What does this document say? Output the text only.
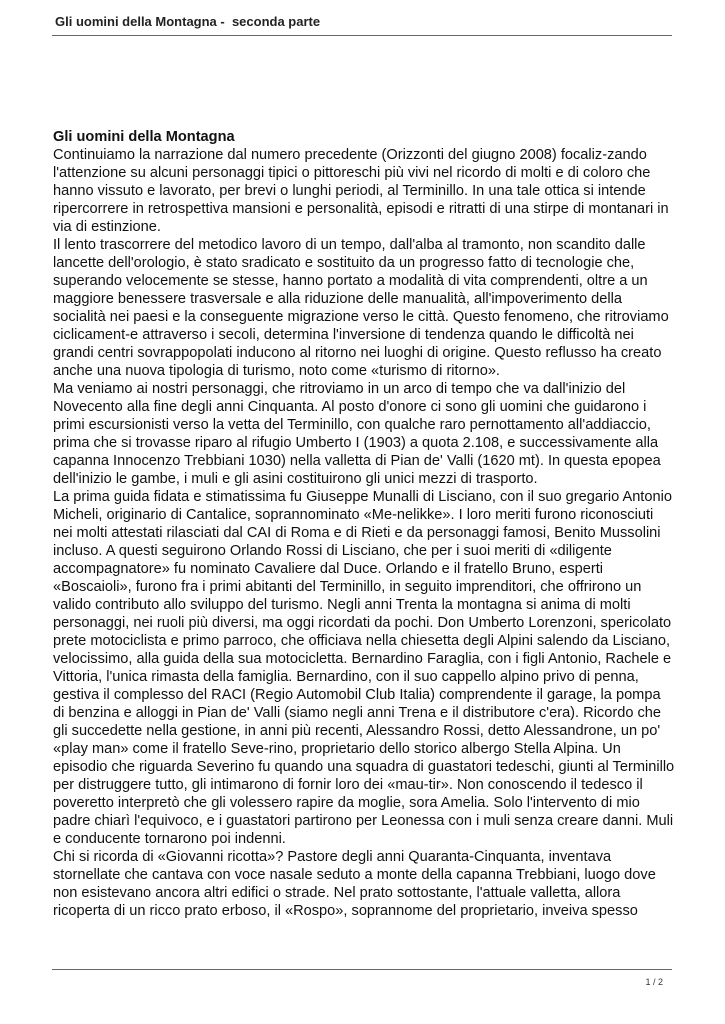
Gli uomini della Montagna -  seconda parte
Gli uomini della Montagna
Continuiamo la narrazione dal numero precedente (Orizzonti del giugno 2008) focaliz-zando l'attenzione su alcuni personaggi tipici o pittoreschi più vivi nel ricordo di molti e di coloro che hanno vissuto e lavorato, per brevi o lunghi periodi, al Terminillo. In una tale ottica si intende ripercorrere in retrospettiva mansioni e personalità, episodi e ritratti di una stirpe di montanari in via di estinzione.
Il lento trascorrere del metodico lavoro di un tempo, dall'alba al tramonto, non scandito dalle lancette dell'orologio, è stato sradicato e sostituito da un progresso fatto di tecnologie che, superando velocemente se stesse, hanno portato a modalità di vita comprendenti, oltre a un maggiore benessere trasversale e alla riduzione delle manualità, all'impoverimento della socialità nei paesi e la conseguente migrazione verso le città. Questo fenomeno, che ritroviamo ciclicament-e attraverso i secoli, determina l'inversione di tendenza quando le difficoltà nei grandi centri sovrappopolati inducono al ritorno nei luoghi di origine. Questo reflusso ha creato anche una nuova tipologia di turismo, noto come «turismo di ritorno».
Ma veniamo ai nostri personaggi, che ritroviamo in un arco di tempo che va dall'inizio del Novecento alla fine degli anni Cinquanta. Al posto d'onore ci sono gli uomini che guidarono i primi escursionisti verso la vetta del Terminillo, con qualche raro pernottamento all'addiaccio, prima che si trovasse riparo al rifugio Umberto I (1903) a quota 2.108, e successivamente alla capanna Innocenzo Trebbiani 1030) nella valletta di Pian de' Valli (1620 mt). In questa epopea dell'inizio le gambe, i muli e gli asini costituirono gli unici mezzi di trasporto.
La prima guida fidata e stimatissima fu Giuseppe Munalli di Lisciano, con il suo gregario Antonio Micheli, originario di Cantalice, soprannominato «Me-nelikke». I loro meriti furono riconosciuti nei molti attestati rilasciati dal CAI di Roma e di Rieti e da personaggi famosi, Benito Mussolini incluso. A questi seguirono Orlando Rossi di Lisciano, che per i suoi meriti di «diligente accompagnatore» fu nominato Cavaliere dal Duce. Orlando e il fratello Bruno, esperti «Boscaioli», furono fra i primi abitanti del Terminillo, in seguito imprenditori, che offrirono un valido contributo allo sviluppo del turismo. Negli anni Trenta la montagna si anima di molti personaggi, nei ruoli più diversi, ma oggi ricordati da pochi. Don Umberto Lorenzoni, spericolato prete motociclista e primo parroco, che officiava nella chiesetta degli Alpini salendo da Lisciano, velocissimo, alla guida della sua motocicletta. Bernardino Faraglia, con i figli Antonio, Rachele e Vittoria, l'unica rimasta della famiglia. Bernardino, con il suo cappello alpino privo di penna, gestiva il complesso del RACI (Regio Automobil Club Italia) comprendente il garage, la pompa di benzina e alloggi in Pian de' Valli (siamo negli anni Trena e il distributore c'era). Ricordo che gli succedette nella gestione, in anni più recenti, Alessandro Rossi, detto Alessandrone, un po' «play man» come il fratello Seve-rino, proprietario dello storico albergo Stella Alpina. Un episodio che riguarda Severino fu quando una squadra di guastatori tedeschi, giunti al Terminillo per distruggere tutto, gli intimarono di fornir loro dei «mau-tir». Non conoscendo il tedesco il poveretto interpretò che gli volessero rapire da moglie, sora Amelia. Solo l'intervento di mio padre chiarì l'equivoco, e i guastatori partirono per Leonessa con i muli senza creare danni. Muli e conducente tornarono poi indenni.
Chi si ricorda di «Giovanni ricotta»? Pastore degli anni Quaranta-Cinquanta, inventava stornellate che cantava con voce nasale seduto a monte della capanna Trebbiani, luogo dove non esistevano ancora altri edifici o strade. Nel prato sottostante, l'attuale valletta, allora ricoperta di un ricco prato erboso, il «Rospo», soprannome del proprietario, inveiva spesso
1 / 2
